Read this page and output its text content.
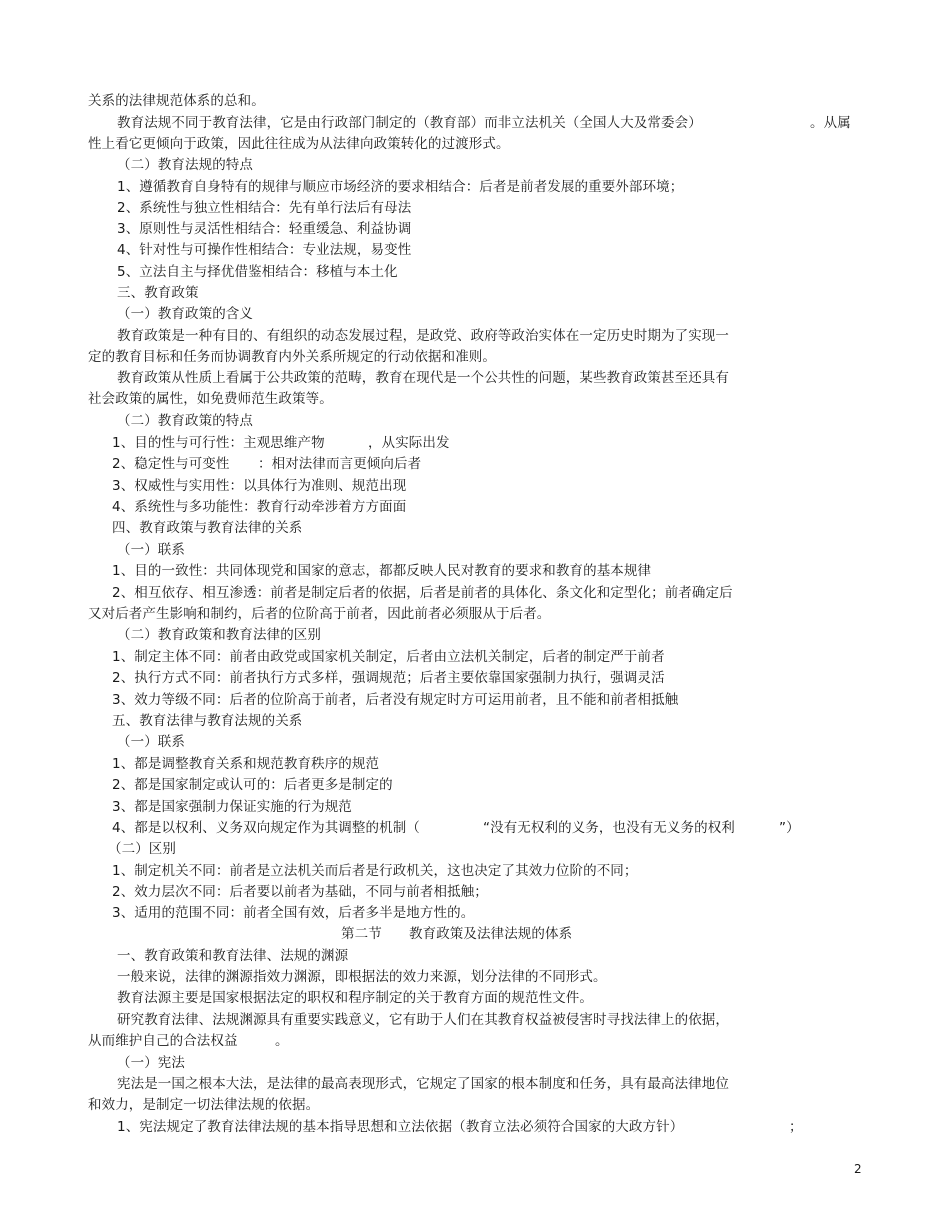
关系的法律规范体系的总和。
教育法规不同于教育法律，它是由行政部门制定的（教育部）而非立法机关（全国人大及常委会）	。从属
性上看它更倾向于政策，因此往往成为从法律向政策转化的过渡形式。
（二）教育法规的特点
1、遵循教育自身特有的规律与顺应市场经济的要求相结合：后者是前者发展的重要外部环境；
2、系统性与独立性相结合：先有单行法后有母法
3、原则性与灵活性相结合：轻重缓急、利益协调
4、针对性与可操作性相结合：专业法规，易变性
5、立法自主与择优借鉴相结合：移植与本土化
三、教育政策
（一）教育政策的含义
教育政策是一种有目的、有组织的动态发展过程，是政党、政府等政治实体在一定历史时期为了实现一
定的教育目标和任务而协调教育内外关系所规定的行动依据和准则。
教育政策从性质上看属于公共政策的范畴，教育在现代是一个公共性的问题，某些教育政策甚至还具有
社会政策的属性，如免费师范生政策等。
（二）教育政策的特点
1、目的性与可行性：主观思维产物	，从实际出发
2、稳定性与可变性 ：相对法律而言更倾向后者
3、权威性与实用性：以具体行为准则、规范出现
4、系统性与多功能性：教育行动牵涉着方方面面
四、教育政策与教育法律的关系
（一）联系
1、目的一致性：共同体现党和国家的意志，都都反映人民对教育的要求和教育的基本规律
2、相互依存、相互渗透：前者是制定后者的依据，后者是前者的具体化、条文化和定型化；前者确定后
又对后者产生影响和制约，后者的位阶高于前者，因此前者必须服从于后者。
（二）教育政策和教育法律的区别
1、制定主体不同：前者由政党或国家机关制定，后者由立法机关制定，后者的制定严于前者
2、执行方式不同：前者执行方式多样，强调规范；后者主要依靠国家强制力执行，强调灵活
3、效力等级不同：后者的位阶高于前者，后者没有规定时方可运用前者，且不能和前者相抵触
五、教育法律与教育法规的关系
（一）联系
1、都是调整教育关系和规范教育秩序的规范
2、都是国家制定或认可的：后者更多是制定的
3、都是国家强制力保证实施的行为规范
4、都是以权利、义务双向规定作为其调整的机制（	“没有无权利的义务，也没有无义务的权利	”）
（二）区别
1、制定机关不同：前者是立法机关而后者是行政机关，这也决定了其效力位阶的不同；
2、效力层次不同：后者要以前者为基础，不同与前者相抵触；
3、适用的范围不同：前者全国有效，后者多半是地方性的。
第二节 教育政策及法律法规的体系
一、教育政策和教育法律、法规的渊源
一般来说，法律的渊源指效力渊源，即根据法的效力来源，划分法律的不同形式。
教育法源主要是国家根据法定的职权和程序制定的关于教育方面的规范性文件。
研究教育法律、法规渊源具有重要实践意义，它有助于人们在其教育权益被侵害时寻找法律上的依据，
从而维护自己的合法权益	。
（一）宪法
宪法是一国之根本大法，是法律的最高表现形式，它规定了国家的根本制度和任务，具有最高法律地位
和效力，是制定一切法律法规的依据。
1、宪法规定了教育法律法规的基本指导思想和立法依据（教育立法必须符合国家的大政方针）	；
2
